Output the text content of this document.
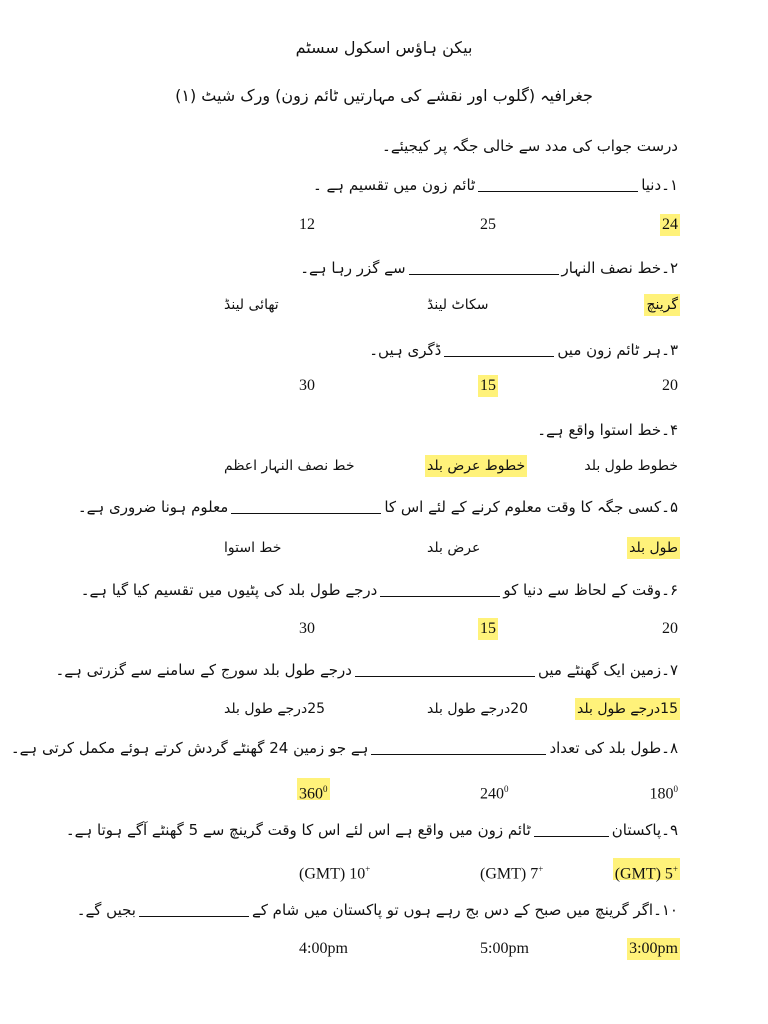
بیکن ہاؤس اسکول سسٹم
جغرافیہ (گلوب اور نقشے کی مہارتیں ٹائم زون) ورک شیٹ (۱)
درست جواب کی مدد سے خالی جگہ پر کیجیئے۔
۱۔دنیاٹائم زون میں تقسیم ہے ۔
24
25
12
۲۔خط نصف النہارسے گزر رہا ہے۔
گرینچ
سکاٹ لینڈ
تھائی لینڈ
۳۔ہر ٹائم زون میںڈگری ہیں۔
20
15
30
۴۔خط استوا واقع ہے۔
خطوط طول بلد
خطوط عرض بلد
خط نصف النہار اعظم
۵۔کسی جگہ کا وقت معلوم کرنے کے لئے اس کامعلوم ہونا ضروری ہے۔
طول بلد
عرض بلد
خط استوا
۶۔وقت کے لحاظ سے دنیا کودرجے طول بلد کی پٹیوں میں تقسیم کیا گیا ہے۔
20
15
30
۷۔زمین ایک گھنٹے میںدرجے طول بلد سورج کے سامنے سے گزرتی ہے۔
15درجے طول بلد
20درجے طول بلد
25درجے طول بلد
۸۔طول بلد کی تعدادہے جو زمین 24 گھنٹے گردش کرتے ہوئے مکمل کرتی ہے۔
$180^0$
$240^0$
$360^0$
۹۔پاکستانٹائم زون میں واقع ہے اس لئے اس کا وقت گرینچ سے 5 گھنٹے آگے ہوتا ہے۔
(GMT) 5+
(GMT) 7+
(GMT) 10+
۱۰۔اگر گرینچ میں صبح کے دس بج رہے ہوں تو پاکستان میں شام کےبجیں گے۔
3:00pm
5:00pm
4:00pm
